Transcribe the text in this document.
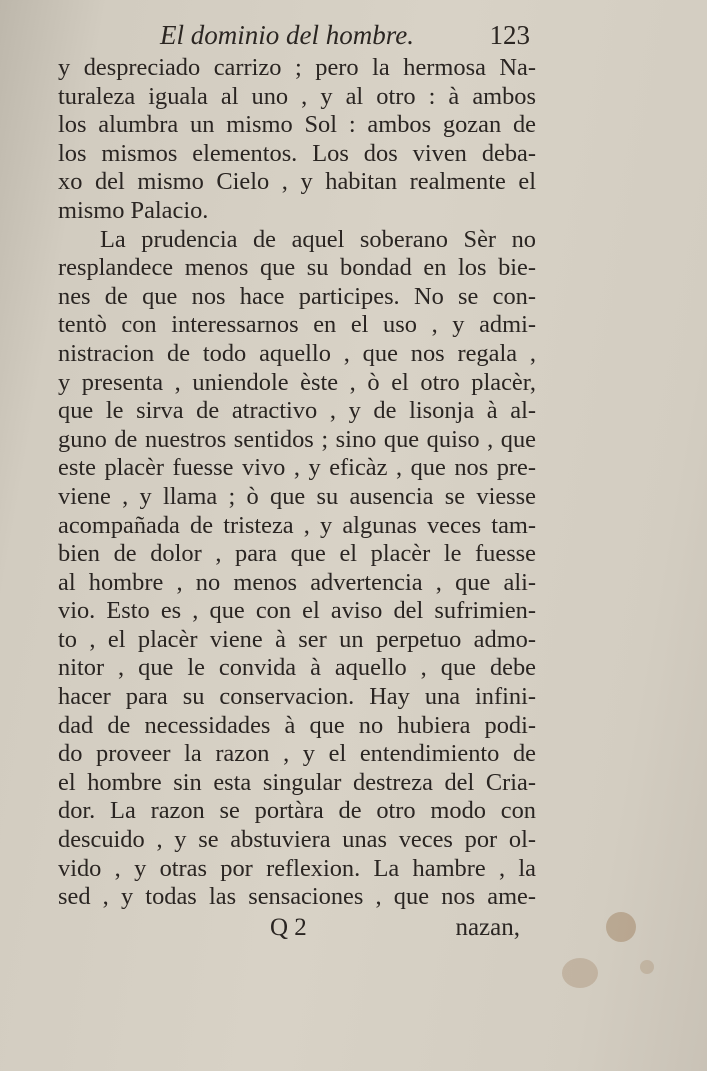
El dominio del hombre.	123
y despreciado carrizo ; pero la hermosa Na-
turaleza iguala al uno , y al otro : à ambos
los alumbra un mismo Sol : ambos gozan de
los mismos elementos. Los dos viven deba-
xo del mismo Cielo , y habitan realmente el
mismo Palacio.
La prudencia de aquel soberano Sèr no
resplandece menos que su bondad en los bie-
nes de que nos hace participes. No se con-
tentò con interessarnos en el uso , y admi-
nistracion de todo aquello , que nos regala ,
y presenta , uniendole èste , ò el otro placèr,
que le sirva de atractivo , y de lisonja à al-
guno de nuestros sentidos ; sino que quiso , que
este placèr fuesse vivo , y eficàz , que nos pre-
viene , y llama ; ò que su ausencia se viesse
acompañada de tristeza , y algunas veces tam-
bien de dolor , para que el placèr le fuesse
al hombre , no menos advertencia , que ali-
vio. Esto es , que con el aviso del sufrimien-
to , el placèr viene à ser un perpetuo admo-
nitor , que le convida à aquello , que debe
hacer para su conservacion. Hay una infini-
dad de necessidades à que no hubiera podi-
do proveer la razon , y el entendimiento de
el hombre sin esta singular destreza del Cria-
dor. La razon se portàra de otro modo con
descuido , y se abstuviera unas veces por ol-
vido , y otras por reflexion. La hambre , la
sed , y todas las sensaciones , que nos ame-
Q 2	nazan,
